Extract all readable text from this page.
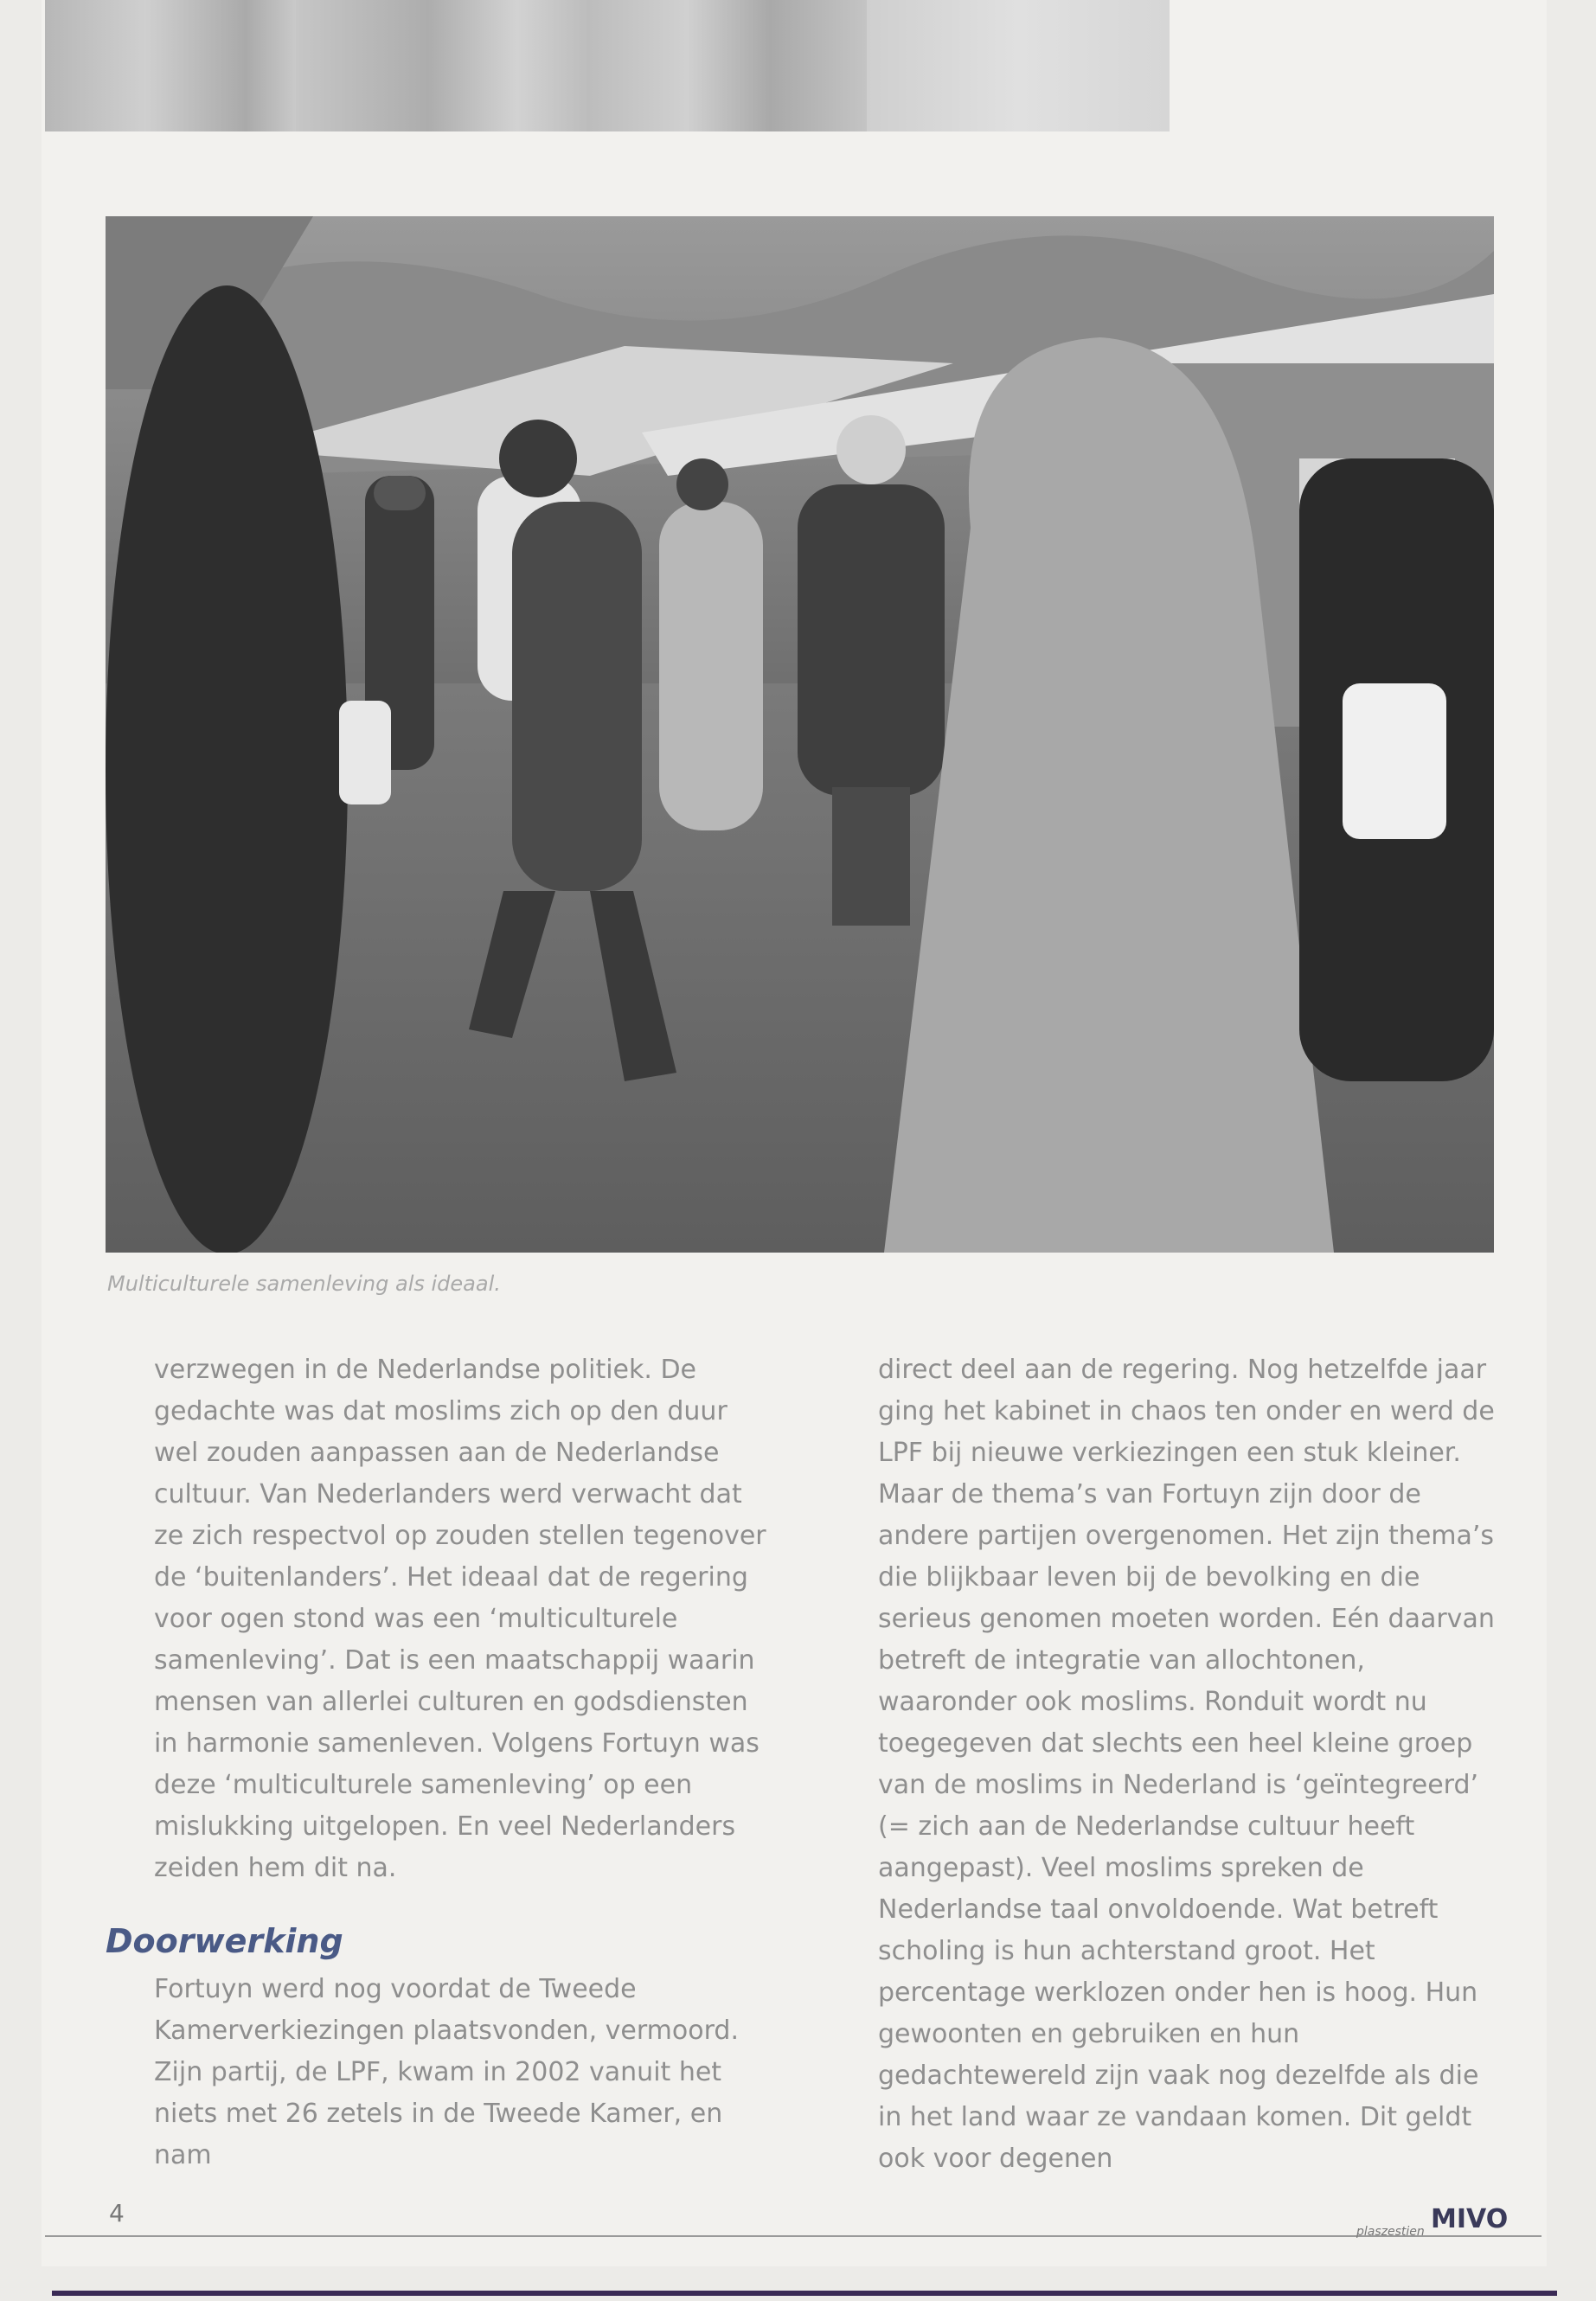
Multiculturele samenleving als ideaal.

verzwegen in de Nederlandse politiek. De gedachte was dat moslims zich op den duur wel zouden aanpassen aan de Nederlandse cultuur. Van Nederlanders werd verwacht dat ze zich respectvol op zouden stellen tegenover de ‘buitenlanders’. Het ideaal dat de regering voor ogen stond was een ‘multiculturele samenleving’. Dat is een maatschappij waarin mensen van allerlei culturen en godsdiensten in harmonie samenleven. Volgens Fortuyn was deze ‘multiculturele samenleving’ op een mislukking uitgelopen. En veel Nederlanders zeiden hem dit na.

Doorwerking

Fortuyn werd nog voordat de Tweede Kamerverkiezingen plaatsvonden, vermoord. Zijn partij, de LPF, kwam in 2002 vanuit het niets met 26 zetels in de Tweede Kamer, en nam

direct deel aan de regering. Nog hetzelfde jaar ging het kabinet in chaos ten onder en werd de LPF bij nieuwe verkiezingen een stuk kleiner. Maar de thema’s van Fortuyn zijn door de andere partijen overgenomen. Het zijn thema’s die blijkbaar leven bij de bevolking en die serieus genomen moeten worden. Eén daarvan betreft de integratie van allochtonen, waaronder ook moslims. Ronduit wordt nu toegegeven dat slechts een heel kleine groep van de moslims in Nederland is ‘geïntegreerd’ (= zich aan de Nederlandse cultuur heeft aangepast). Veel moslims spreken de Nederlandse taal onvoldoende. Wat betreft scholing is hun achterstand groot. Het percentage werklozen onder hen is hoog. Hun gewoonten en gebruiken en hun gedachtewereld zijn vaak nog dezelfde als die in het land waar ze vandaan komen. Dit geldt ook voor degenen

4
plaszestien MIVO
